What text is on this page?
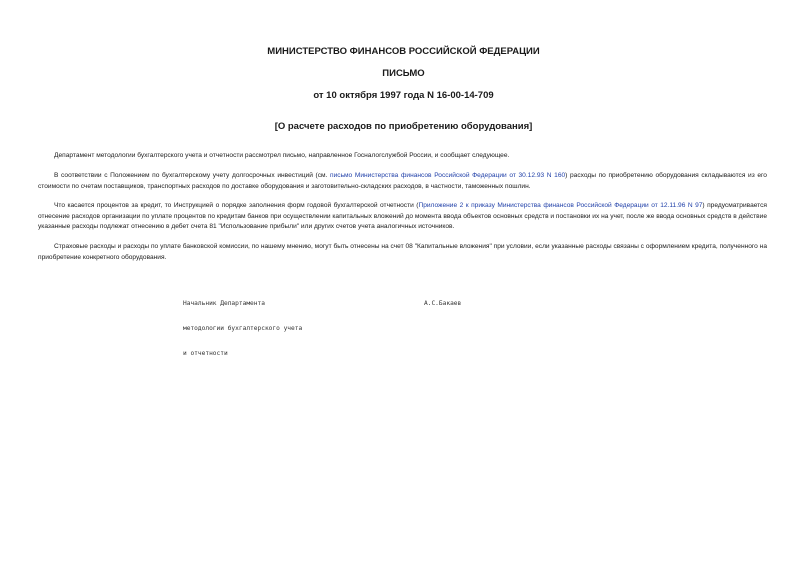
МИНИСТЕРСТВО ФИНАНСОВ РОССИЙСКОЙ ФЕДЕРАЦИИ
ПИСЬМО
от 10 октября 1997 года N 16-00-14-709
[О расчете расходов по приобретению оборудования]

Департамент методологии бухгалтерского учета и отчетности рассмотрел письмо, направленное Госналогслужбой России, и сообщает следующее.

В соответствии с Положением по бухгалтерскому учету долгосрочных инвестиций (см. письмо Министерства финансов Российской Федерации от 30.12.93 N 160) расходы по приобретению оборудования складываются из его стоимости по счетам поставщиков, транспортных расходов по доставке оборудования и заготовительно-складских расходов, в частности, таможенных пошлин.

Что касается процентов за кредит, то Инструкцией о порядке заполнения форм годовой бухгалтерской отчетности (Приложение 2 к приказу Министерства финансов Российской Федерации от 12.11.96 N 97) предусматривается отнесение расходов организации по уплате процентов по кредитам банков при осуществлении капитальных вложений до момента ввода объектов основных средств и постановки их на учет, после же ввода основных средств в действие указанные расходы подлежат отнесению в дебет счета 81 "Использование прибыли" или других счетов учета аналогичных источников.

Страховые расходы и расходы по уплате банковской комиссии, по нашему мнению, могут быть отнесены на счет 08 "Капитальные вложения" при условии, если указанные расходы связаны с оформлением кредита, полученного на приобретение конкретного оборудования.

Начальник Департамента

методологии бухгалтерского учета

и отчетности

А.С.Бакаев
